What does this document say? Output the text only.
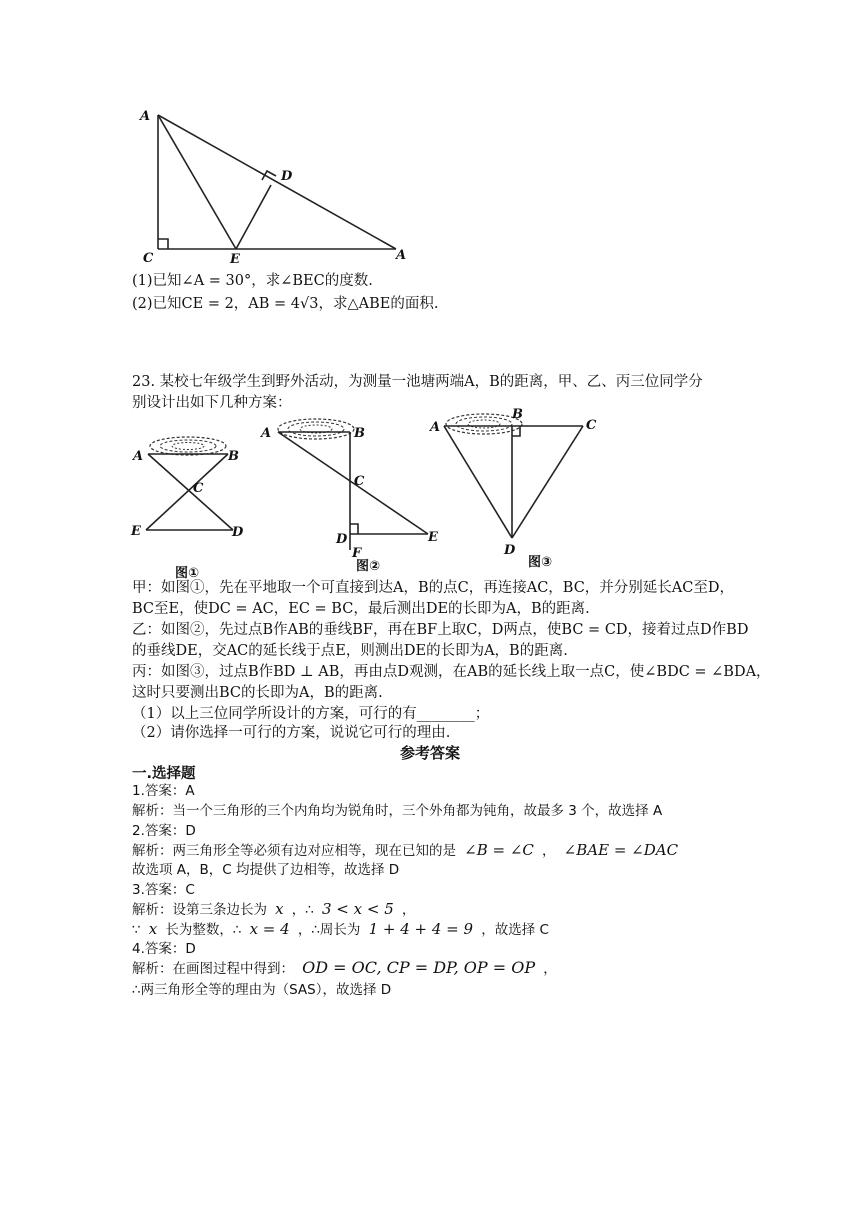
A
D
C	E	A
(1)已知∠A = 30°，求∠BEC的度数.
(2)已知CE = 2，AB = 4√3，求△ABE的面积.
23. 某校七年级学生到野外活动，为测量一池塘两端A，B的距离，甲、乙、丙三位同学分
别设计出如下几种方案：
A	B
C
E	D
图①
A	B
C
D
F
E
图②
A
B
C
D
图③
甲：如图①，先在平地取一个可直接到达A，B的点C，再连接AC，BC，并分别延长AC至D，
BC至E，使DC = AC，EC = BC，最后测出DE的长即为A，B的距离.
乙：如图②，先过点B作AB的垂线BF，再在BF上取C，D两点，使BC = CD，接着过点D作BD
的垂线DE，交AC的延长线于点E，则测出DE的长即为A，B的距离.
丙：如图③，过点B作BD ⊥ AB，再由点D观测，在AB的延长线上取一点C，使∠BDC = ∠BDA，
这时只要测出BC的长即为A，B的距离.
（1）以上三位同学所设计的方案，可行的有________；
（2）请你选择一可行的方案，说说它可行的理由.
参考答案
一.选择题
1.答案：A
解析：当一个三角形的三个内角均为锐角时，三个外角都为钝角，故最多 3 个，故选择 A
2.答案：D
解析：两三角形全等必须有边对应相等，现在已知的是 ∠B = ∠C ， ∠BAE = ∠DAC
故选项 A，B，C 均提供了边相等，故选择 D
3.答案：C
解析：设第三条边长为 x ，∴ 3 < x < 5 ，
∵ x 长为整数，∴ x = 4 ，∴周长为 1 + 4 + 4 = 9 ，故选择 C
4.答案：D
解析：在画图过程中得到： OD = OC, CP = DP, OP = OP ，
∴两三角形全等的理由为（SAS），故选择 D
